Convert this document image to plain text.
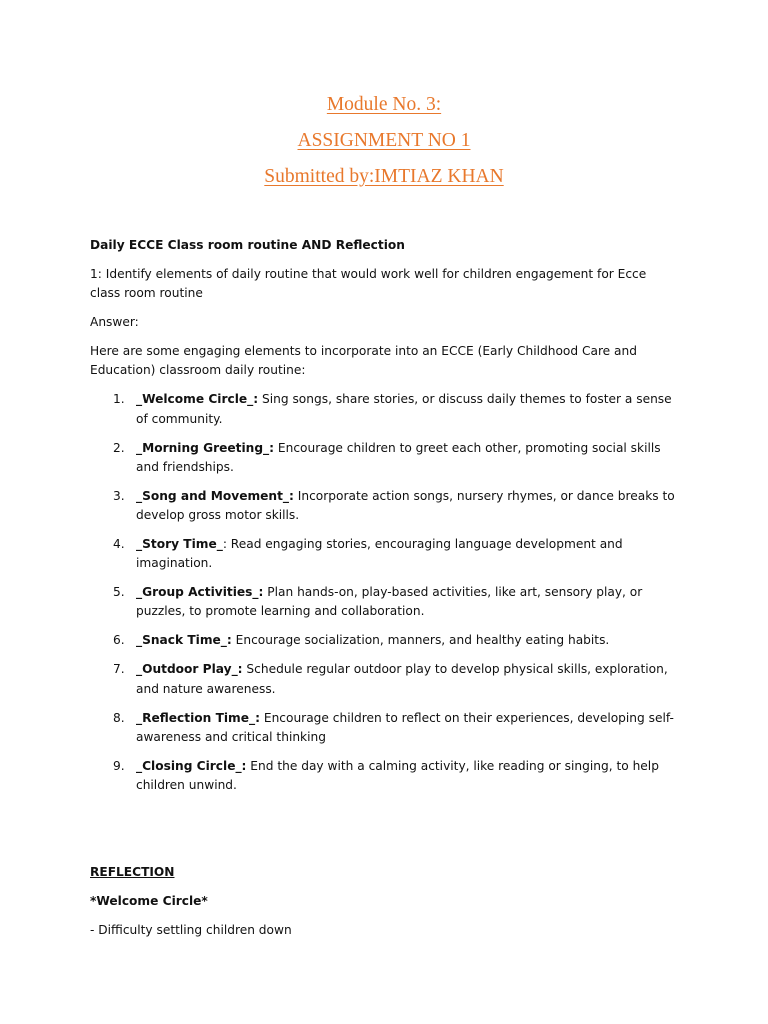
Module No. 3:
ASSIGNMENT NO 1
Submitted by:IMTIAZ KHAN

Daily ECCE Class room routine AND Reflection

1: Identify elements of daily routine that would work well for children engagement for Ecce class room routine

Answer:

Here are some engaging elements to incorporate into an ECCE (Early Childhood Care and Education) classroom daily routine:

1. _Welcome Circle_: Sing songs, share stories, or discuss daily themes to foster a sense of community.
2. _Morning Greeting_: Encourage children to greet each other, promoting social skills and friendships.
3. _Song and Movement_: Incorporate action songs, nursery rhymes, or dance breaks to develop gross motor skills.
4. _Story Time_: Read engaging stories, encouraging language development and imagination.
5. _Group Activities_: Plan hands-on, play-based activities, like art, sensory play, or puzzles, to promote learning and collaboration.
6. _Snack Time_: Encourage socialization, manners, and healthy eating habits.
7. _Outdoor Play_: Schedule regular outdoor play to develop physical skills, exploration, and nature awareness.
8. _Reflection Time_: Encourage children to reflect on their experiences, developing self-awareness and critical thinking
9. _Closing Circle_: End the day with a calming activity, like reading or singing, to help children unwind.

REFLECTION

*Welcome Circle*

- Difficulty settling children down
